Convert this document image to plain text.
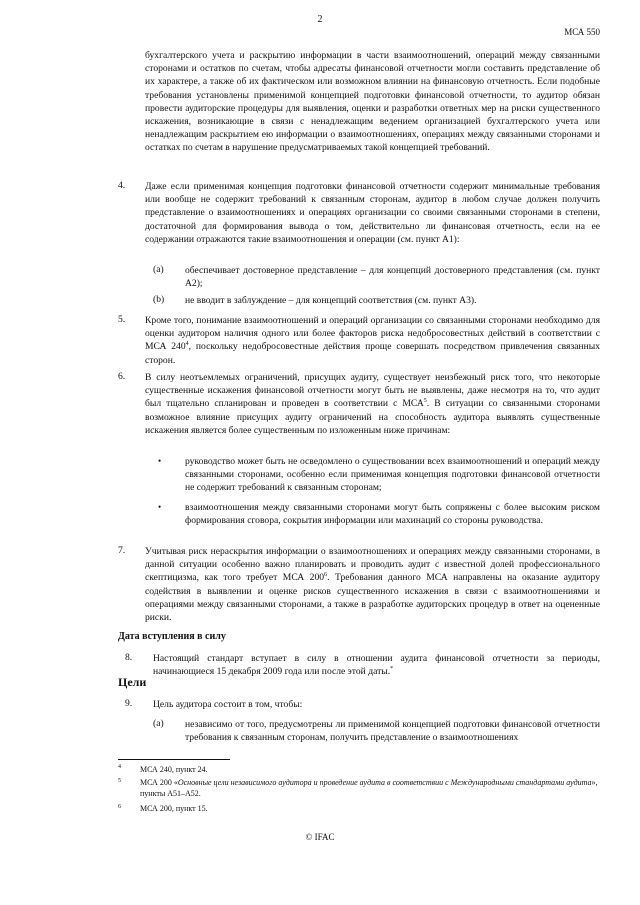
2
МСА 550
бухгалтерского учета и раскрытию информации в части взаимоотношений, операций между связанными сторонами и остатков по счетам, чтобы адресаты финансовой отчетности могли составить представление об их характере, а также об их фактическом или возможном влиянии на финансовую отчетность. Если подобные требования установлены применимой концепцией подготовки финансовой отчетности, то аудитор обязан провести аудиторские процедуры для выявления, оценки и разработки ответных мер на риски существенного искажения, возникающие в связи с ненадлежащим ведением организацией бухгалтерского учета или ненадлежащим раскрытием ею информации о взаимоотношениях, операциях между связанными сторонами и остатках по счетам в нарушение предусматриваемых такой концепцией требований.
4. Даже если применимая концепция подготовки финансовой отчетности содержит минимальные требования или вообще не содержит требований к связанным сторонам, аудитор в любом случае должен получить представление о взаимоотношениях и операциях организации со своими связанными сторонами в степени, достаточной для формирования вывода о том, действительно ли финансовая отчетность, если на ее содержании отражаются такие взаимоотношения и операции (см. пункт А1):
(a) обеспечивает достоверное представление – для концепций достоверного представления (см. пункт А2);
(b) не вводит в заблуждение – для концепций соответствия (см. пункт А3).
5. Кроме того, понимание взаимоотношений и операций организации со связанными сторонами необходимо для оценки аудитором наличия одного или более факторов риска недобросовестных действий в соответствии с МСА $240^4$, поскольку недобросовестные действия проще совершать посредством привлечения связанных сторон.
6. В силу неотъемлемых ограничений, присущих аудиту, существует неизбежный риск того, что некоторые существенные искажения финансовой отчетности могут быть не выявлены, даже несмотря на то, что аудит был тщательно спланирован и проведен в соответствии с МСА$^5$. В ситуации со связанными сторонами возможное влияние присущих аудиту ограничений на способность аудитора выявлять существенные искажения является более существенным по изложенным ниже причинам:
• руководство может быть не осведомлено о существовании всех взаимоотношений и операций между связанными сторонами, особенно если применимая концепция подготовки финансовой отчетности не содержит требований к связанным сторонам;
• взаимоотношения между связанными сторонами могут быть сопряжены с более высоким риском формирования сговора, сокрытия информации или махинаций со стороны руководства.
7. Учитывая риск нераскрытия информации о взаимоотношениях и операциях между связанными сторонами, в данной ситуации особенно важно планировать и проводить аудит с известной долей профессионального скептицизма, как того требует МСА $200^6$. Требования данного МСА направлены на оказание аудитору содействия в выявлении и оценке рисков существенного искажения в связи с взаимоотношениями и операциями между связанными сторонами, а также в разработке аудиторских процедур в ответ на оцененные риски.
Дата вступления в силу
8. Настоящий стандарт вступает в силу в отношении аудита финансовой отчетности за периоды, начинающиеся 15 декабря 2009 года или после этой даты.*
Цели
9. Цель аудитора состоит в том, чтобы:
(a) независимо от того, предусмотрены ли применимой концепцией подготовки финансовой отчетности требования к связанным сторонам, получить представление о взаимоотношениях
4 МСА 240, пункт 24.
5 МСА 200 «Основные цели независимого аудитора и проведение аудита в соответствии с Международными стандартами аудита», пункты А51–А52.
6 МСА 200, пункт 15.
© IFAC
